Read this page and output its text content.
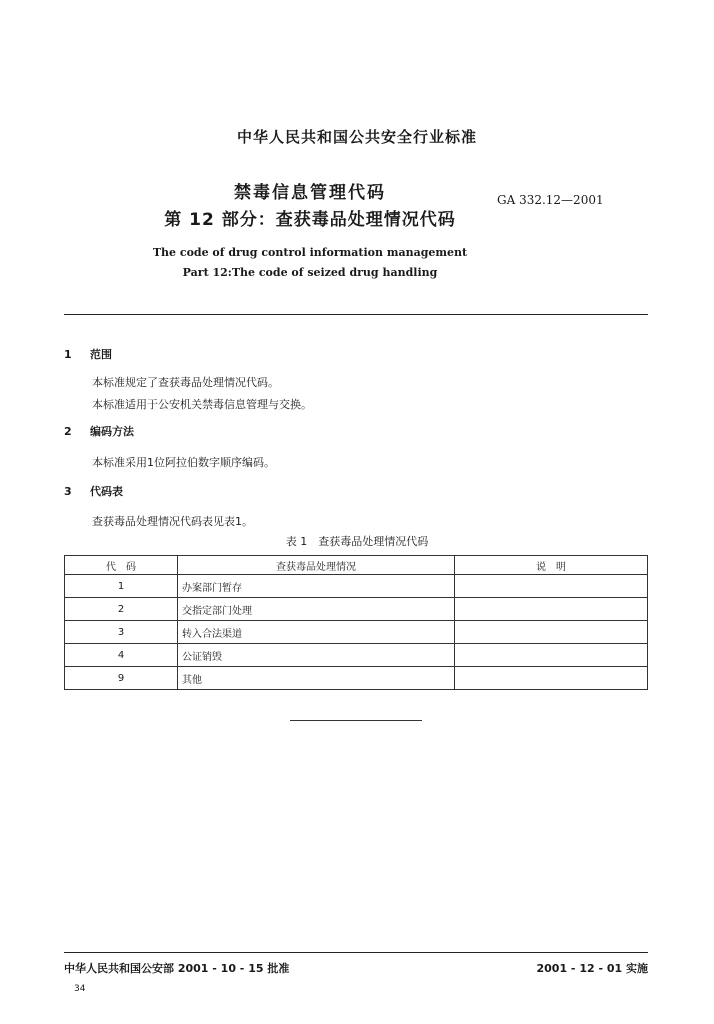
中华人民共和国公共安全行业标准
禁毒信息管理代码
第 12 部分：查获毒品处理情况代码
GA 332.12—2001
The code of drug control information management
Part 12:The code of seized drug handling
1 范围
本标准规定了查获毒品处理情况代码。
本标准适用于公安机关禁毒信息管理与交换。
2 编码方法
本标准采用1位阿拉伯数字顺序编码。
3 代码表
查获毒品处理情况代码表见表1。
表 1　查获毒品处理情况代码
代　码	查获毒品处理情况	说　明
1	办案部门暂存	
2	交指定部门处理	
3	转入合法渠道	
4	公证销毁	
9	其他	
中华人民共和国公安部 2001 - 10 - 15 批准	2001 - 12 - 01 实施
34
